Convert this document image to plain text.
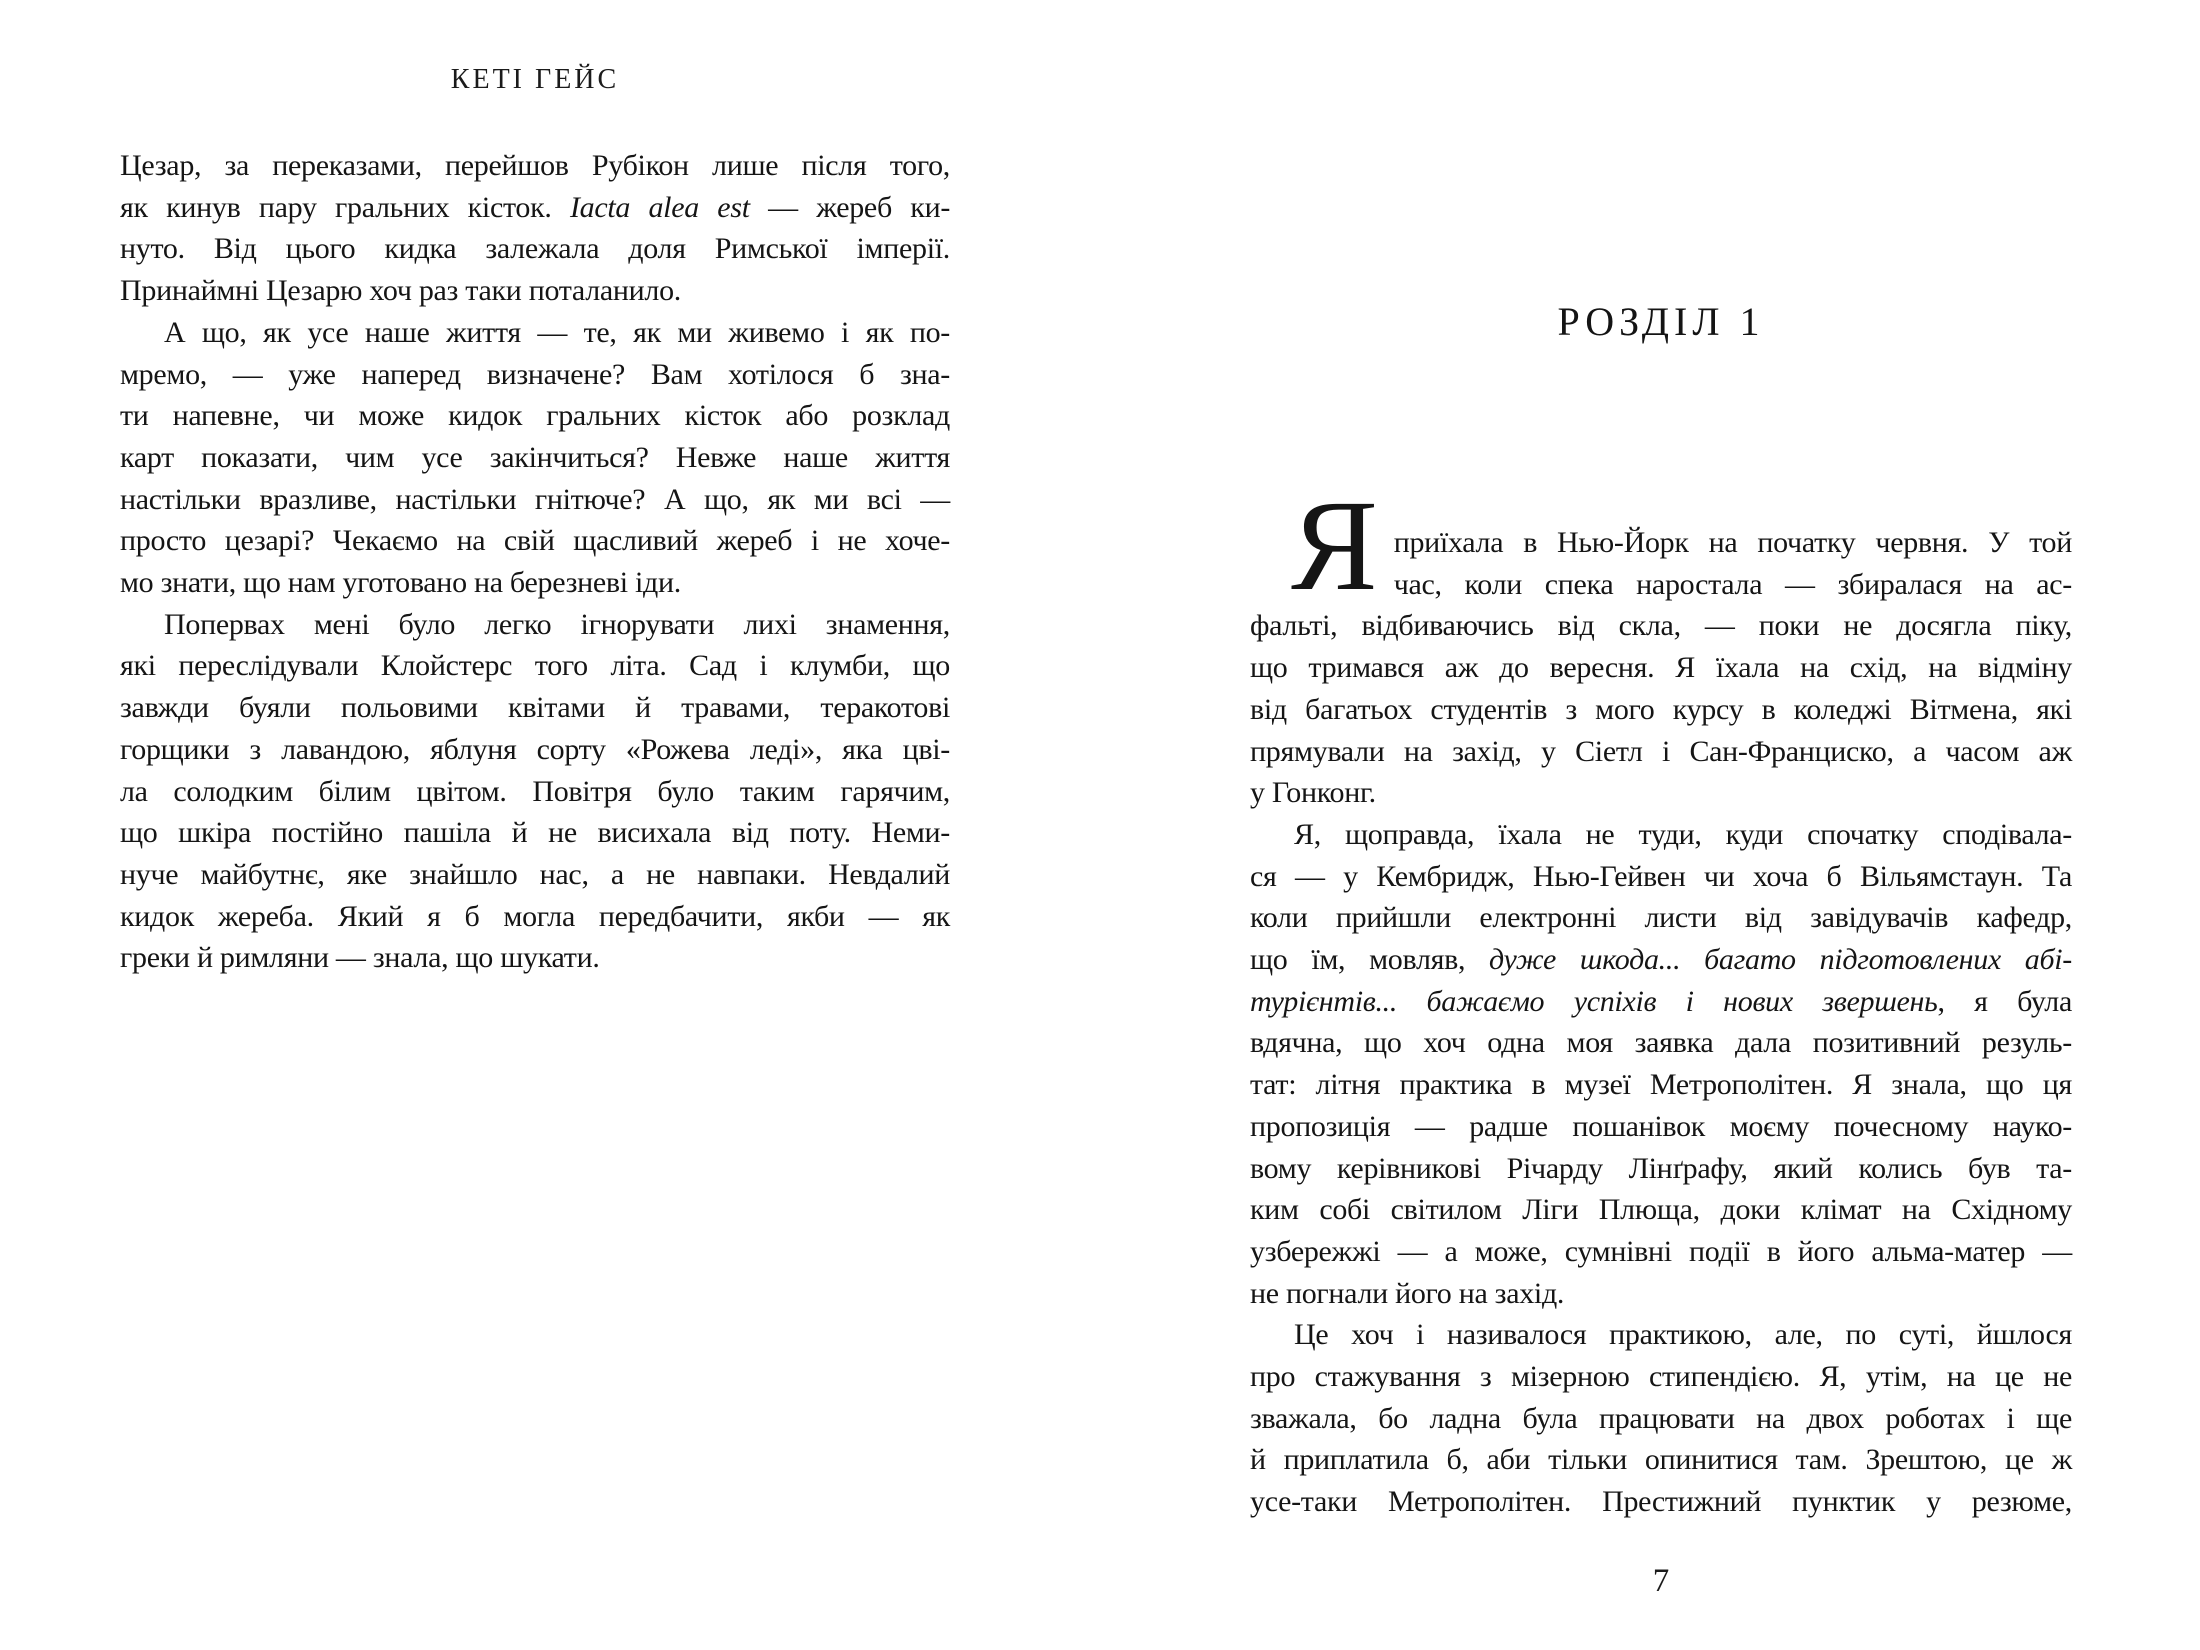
КЕТІ ГЕЙС
Цезар, за переказами, перейшов Рубікон лише після того,
як кинув пару гральних кісток. Iacta alea est — жереб ки-
нуто. Від цього кидка залежала доля Римської імперії.
Принаймні Цезарю хоч раз таки поталанило.
А що, як усе наше життя — те, як ми живемо і як по-
мремо, — уже наперед визначене? Вам хотілося б зна-
ти напевне, чи може кидок гральних кісток або розклад
карт показати, чим усе закінчиться? Невже наше життя
настільки вразливе, настільки гнітюче? А що, як ми всі —
просто цезарі? Чекаємо на свій щасливий жереб і не хоче-
мо знати, що нам уготовано на березневі іди.
Попервах мені було легко ігнорувати лихі знамення,
які переслідували Клойстерс того літа. Сад і клумби, що
завжди буяли польовими квітами й травами, теракотові
горщики з лавандою, яблуня сорту «Рожева леді», яка цві-
ла солодким білим цвітом. Повітря було таким гарячим,
що шкіра постійно пашіла й не висихала від поту. Неми-
нуче майбутнє, яке знайшло нас, а не навпаки. Невдалий
кидок жереба. Який я б могла передбачити, якби — як
греки й римляни — знала, що шукати.
РОЗДІЛ 1
Яприїхала в Нью-Йорк на початку червня. У той
час, коли спека наростала — збиралася на ас-
фальті, відбиваючись від скла, — поки не досягла піку,
що тримався аж до вересня. Я їхала на схід, на відміну
від багатьох студентів з мого курсу в коледжі Вітмена, які
прямували на захід, у Сіетл і Сан-Франциско, а часом аж
у Гонконг.
Я, щоправда, їхала не туди, куди спочатку сподівала-
ся — у Кембридж, Нью-Гейвен чи хоча б Вільямстаун. Та
коли прийшли електронні листи від завідувачів кафедр,
що їм, мовляв, дуже шкода... багато підготовлених абі-
турієнтів... бажаємо успіхів і нових звершень, я була
вдячна, що хоч одна моя заявка дала позитивний резуль-
тат: літня практика в музеї Метрополітен. Я знала, що ця
пропозиція — радше пошанівок моєму почесному науко-
вому керівникові Річарду Лінґрафу, який колись був та-
ким собі світилом Ліги Плюща, доки клімат на Східному
узбережжі — а може, сумнівні події в його альма-матер —
не погнали його на захід.
Це хоч і називалося практикою, але, по суті, йшлося
про стажування з мізерною стипендією. Я, утім, на це не
зважала, бо ладна була працювати на двох роботах і ще
й приплатила б, аби тільки опинитися там. Зрештою, це ж
усе-таки Метрополітен. Престижний пунктик у резюме,
7
